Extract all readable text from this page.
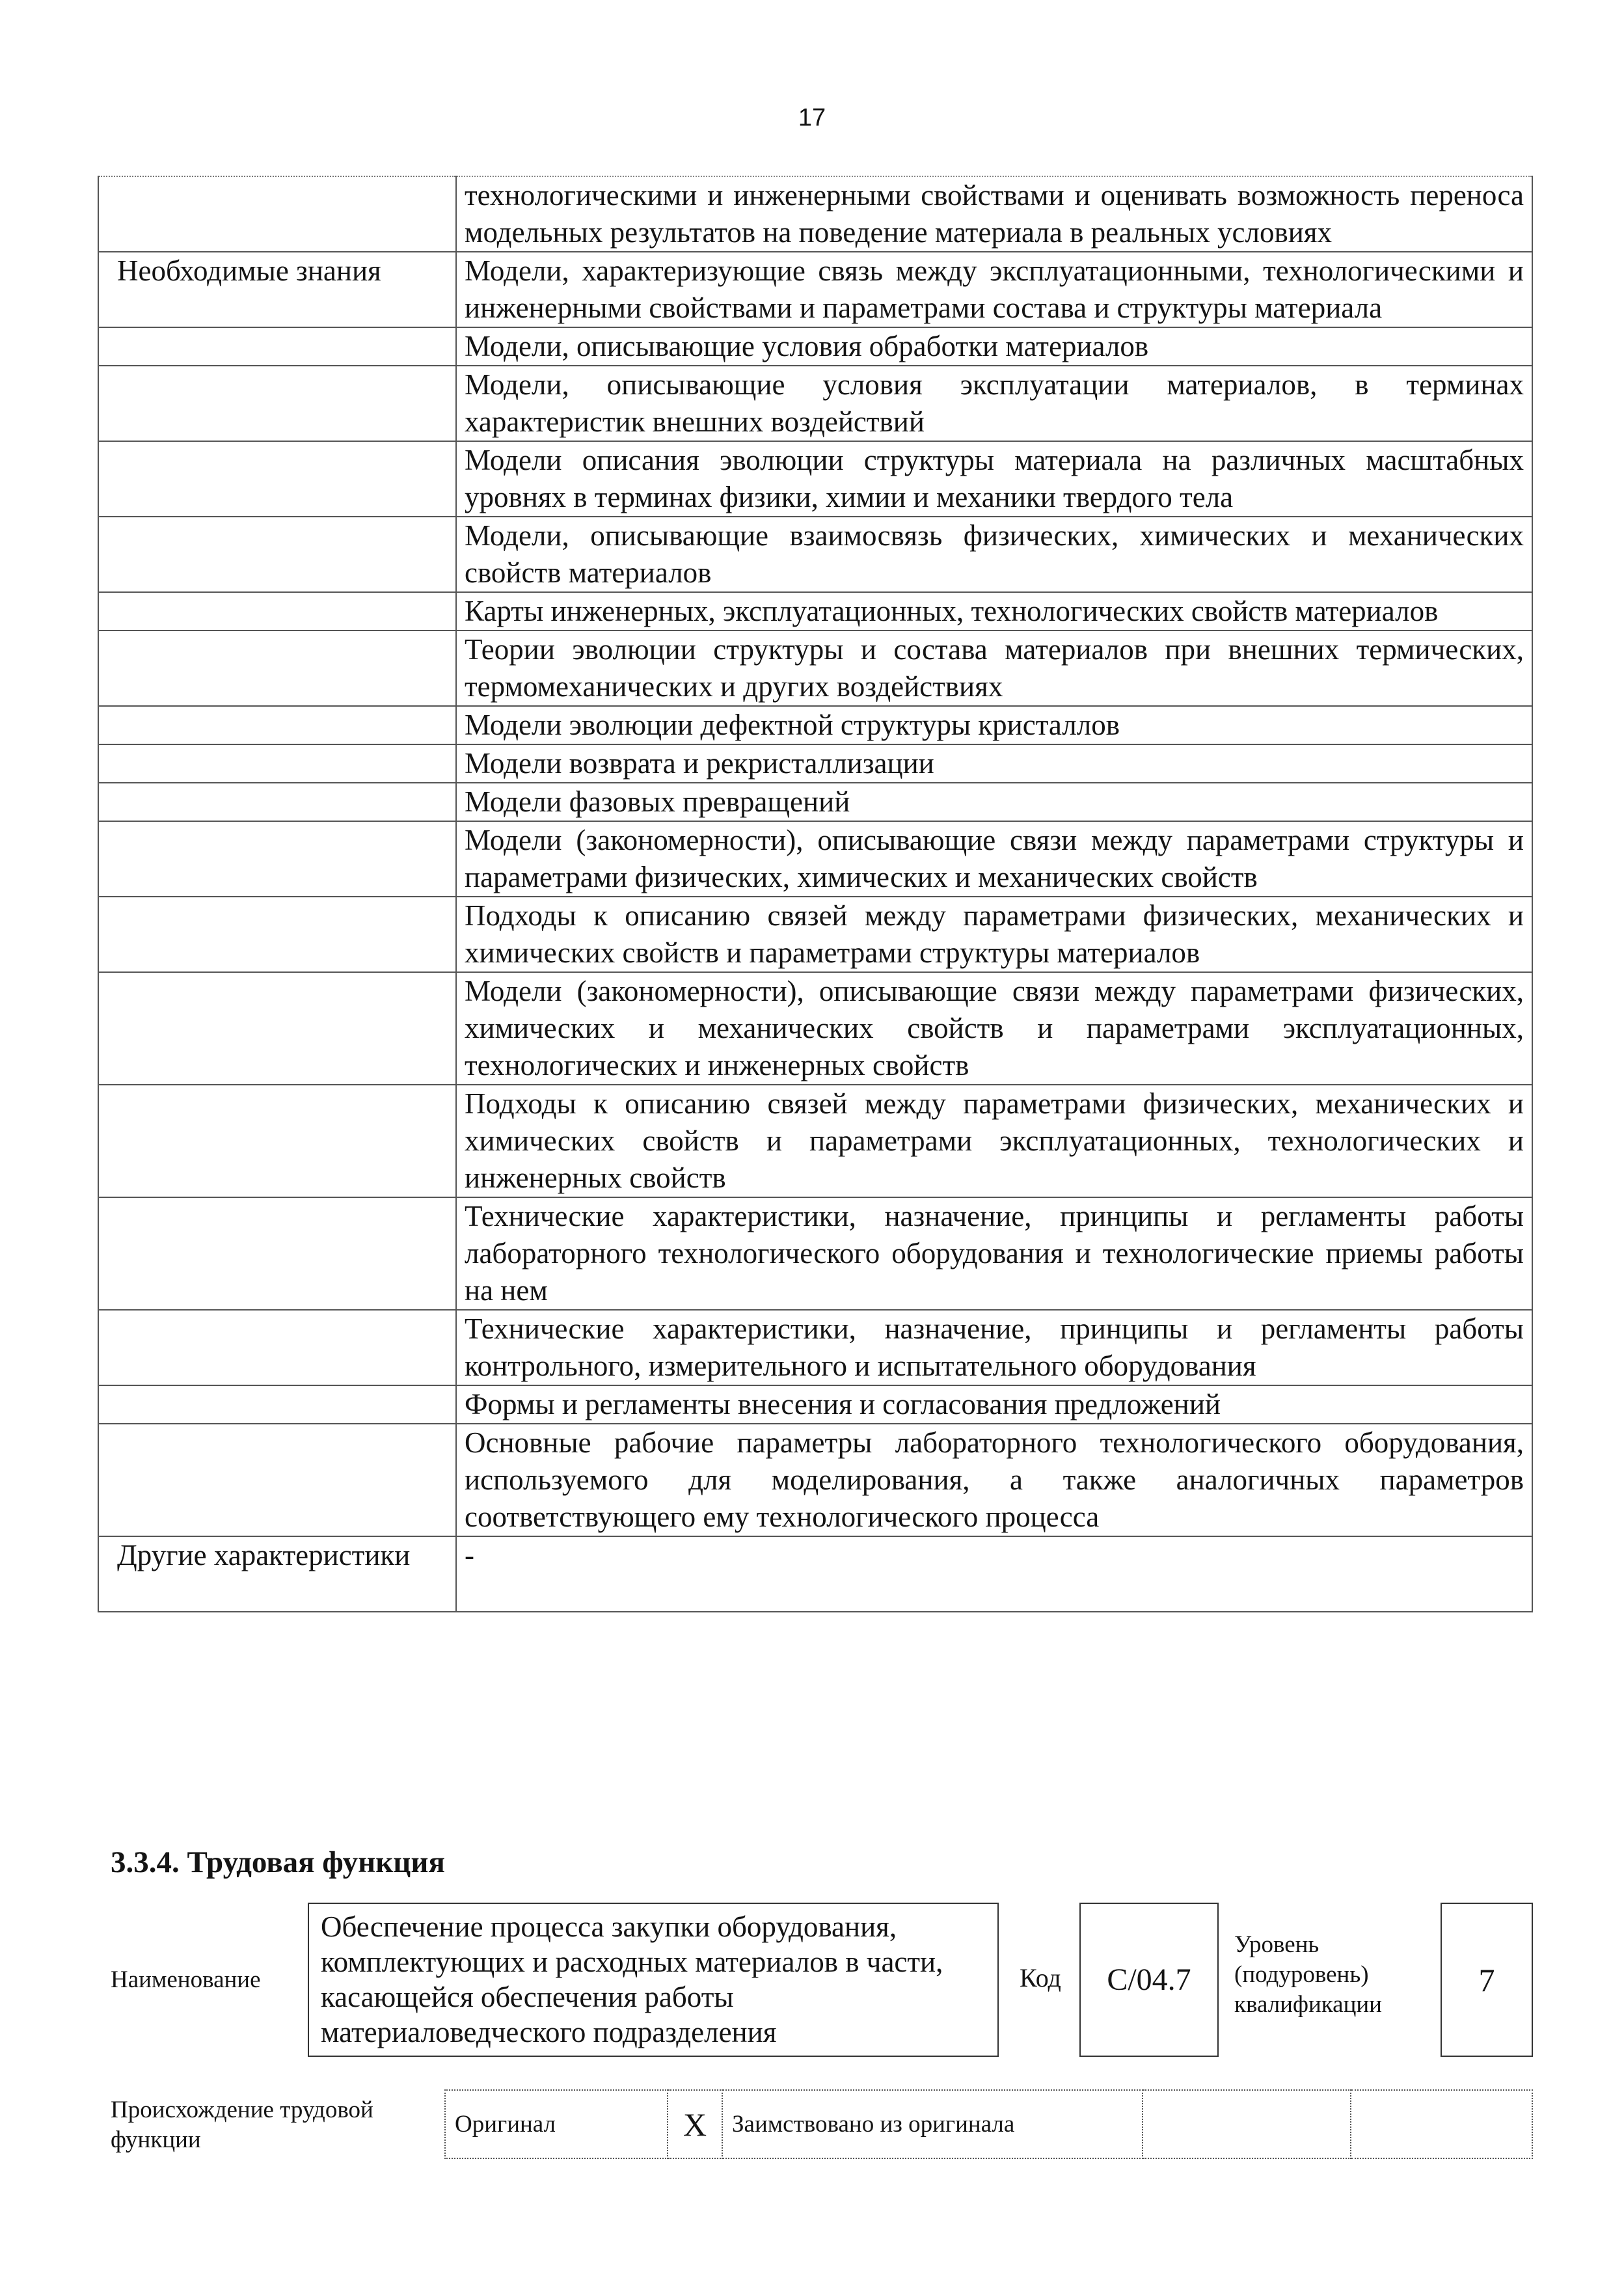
17
	технологическими и инженерными свойствами и оценивать возможность переноса модельных результатов на поведение материала в реальных условиях
Необходимые знания	Модели, характеризующие связь между эксплуатационными, технологическими и инженерными свойствами и параметрами состава и структуры материала
	Модели, описывающие условия обработки материалов
	Модели, описывающие условия эксплуатации материалов, в терминах характеристик внешних воздействий
	Модели описания эволюции структуры материала на различных масштабных уровнях в терминах физики, химии и механики твердого тела
	Модели, описывающие взаимосвязь физических, химических и механических свойств материалов
	Карты инженерных, эксплуатационных, технологических свойств материалов
	Теории эволюции структуры и состава материалов при внешних термических, термомеханических и других воздействиях
	Модели эволюции дефектной структуры кристаллов
	Модели возврата и рекристаллизации
	Модели фазовых превращений
	Модели (закономерности), описывающие связи между параметрами структуры и параметрами физических, химических и механических свойств
	Подходы к описанию связей между параметрами физических, механических и химических свойств и параметрами структуры материалов
	Модели (закономерности), описывающие связи между параметрами физических, химических и механических свойств и параметрами эксплуатационных, технологических и инженерных свойств
	Подходы к описанию связей между параметрами физических, механических и химических свойств и параметрами эксплуатационных, технологических и инженерных свойств
	Технические характеристики, назначение, принципы и регламенты работы лабораторного технологического оборудования и технологические приемы работы на нем
	Технические характеристики, назначение, принципы и регламенты работы контрольного, измерительного и испытательного оборудования
	Формы и регламенты внесения и согласования предложений
	Основные рабочие параметры лабораторного технологического оборудования, используемого для моделирования, а также аналогичных параметров соответствующего ему технологического процесса
Другие характеристики	-
3.3.4. Трудовая функция
Наименование
Обеспечение процесса закупки оборудования, комплектующих и расходных материалов в части, касающейся обеспечения работы материаловедческого подразделения
Код C/04.7
Уровень (подуровень) квалификации
7
Происхождение трудовой функции
Оригинал	X	Заимствовано из оригинала		
